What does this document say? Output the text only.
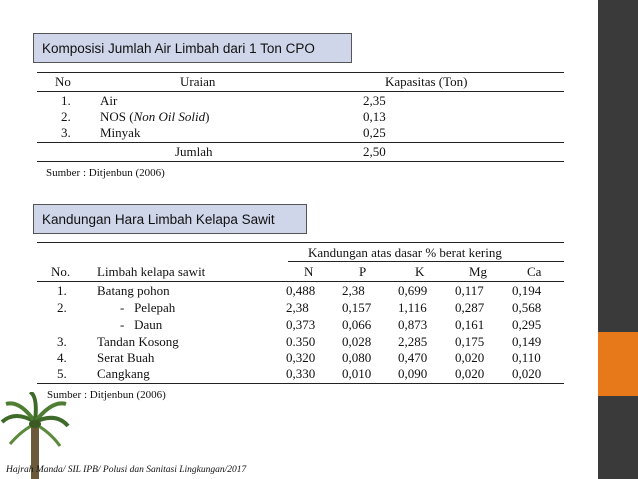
Komposisi Jumlah Air Limbah dari 1 Ton CPO
No	Uraian	Kapasitas (Ton)
1. Air	2,35
2. NOS (Non Oil Solid)	0,13
3. Minyak	0,25
Jumlah	2,50
Sumber : Ditjenbun (2006)
Kandungan Hara Limbah Kelapa Sawit
Kandungan atas dasar % berat kering
No. Limbah kelapa sawit	N	P	K	Mg	Ca
1. Batang pohon	0,488 2,38	0,699 0,117 0,194
2.	-   Pelepah	2,38	0,157 1,116 0,287 0,568
-   Daun	0,373 0,066 0,873 0,161 0,295
3. Tandan Kosong	0.350 0,028 2,285 0,175 0,149
4. Serat Buah	0,320 0,080 0,470 0,020 0,110
5. Cangkang	0,330 0,010 0,090 0,020 0,020
Sumber : Ditjenbun (2006)
Hajrah Manda/ SIL IPB/ Polusi dan Sanitasi Lingkungan/2017
